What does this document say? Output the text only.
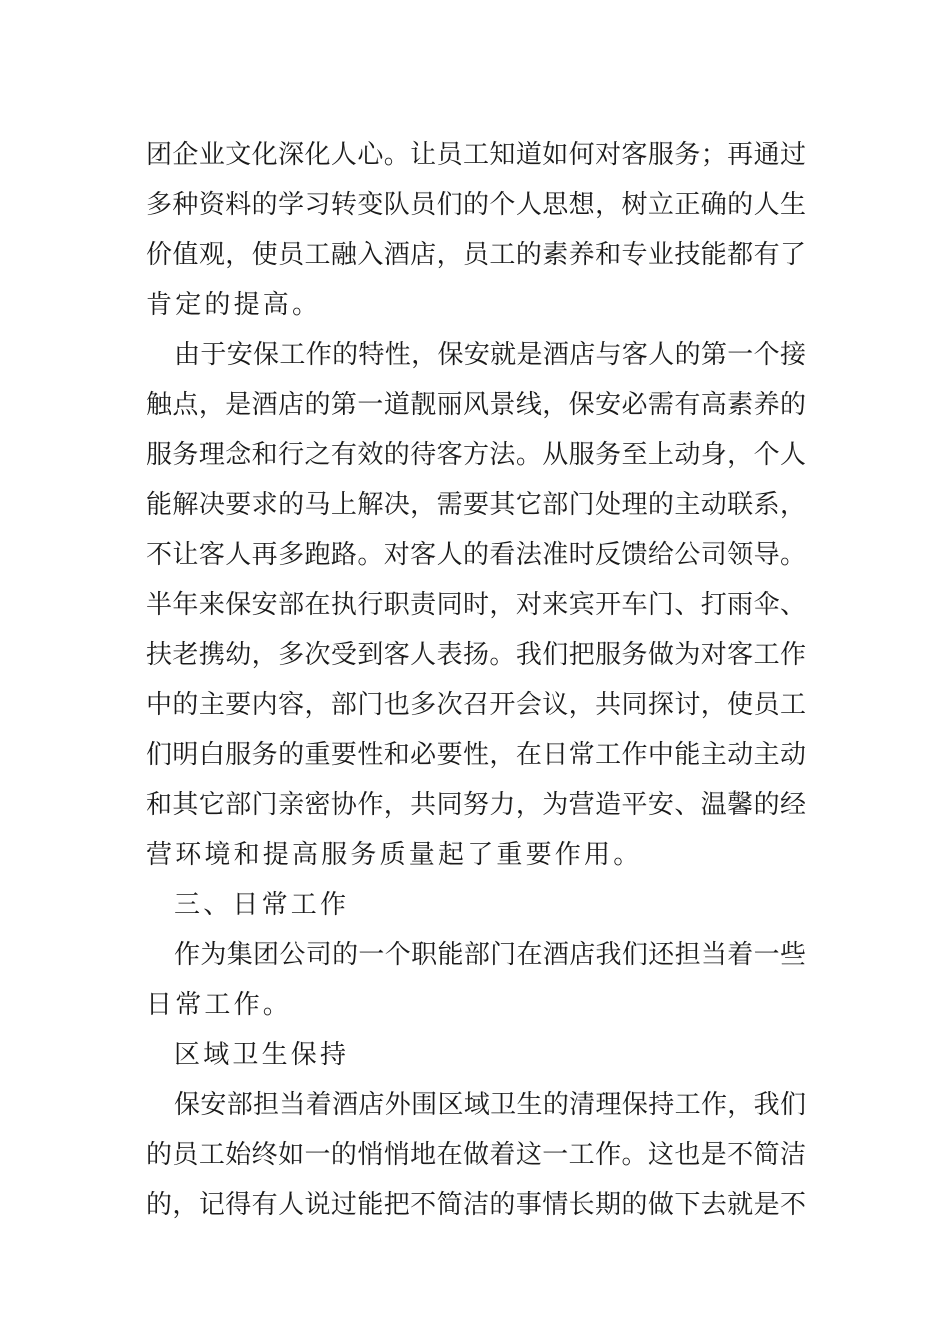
团企业文化深化人心。让员工知道如何对客服务；再通过
多种资料的学习转变队员们的个人思想，树立正确的人生
价值观，使员工融入酒店，员工的素养和专业技能都有了
肯定的提高。
由于安保工作的特性，保安就是酒店与客人的第一个接
触点，是酒店的第一道靓丽风景线，保安必需有高素养的
服务理念和行之有效的待客方法。从服务至上动身，个人
能解决要求的马上解决，需要其它部门处理的主动联系，
不让客人再多跑路。对客人的看法准时反馈给公司领导。
半年来保安部在执行职责同时，对来宾开车门、打雨伞、
扶老携幼，多次受到客人表扬。我们把服务做为对客工作
中的主要内容，部门也多次召开会议，共同探讨，使员工
们明白服务的重要性和必要性，在日常工作中能主动主动
和其它部门亲密协作，共同努力，为营造平安、温馨的经
营环境和提高服务质量起了重要作用。
三、日常工作
作为集团公司的一个职能部门在酒店我们还担当着一些
日常工作。
区域卫生保持
保安部担当着酒店外围区域卫生的清理保持工作，我们
的员工始终如一的悄悄地在做着这一工作。这也是不简洁
的，记得有人说过能把不简洁的事情长期的做下去就是不
